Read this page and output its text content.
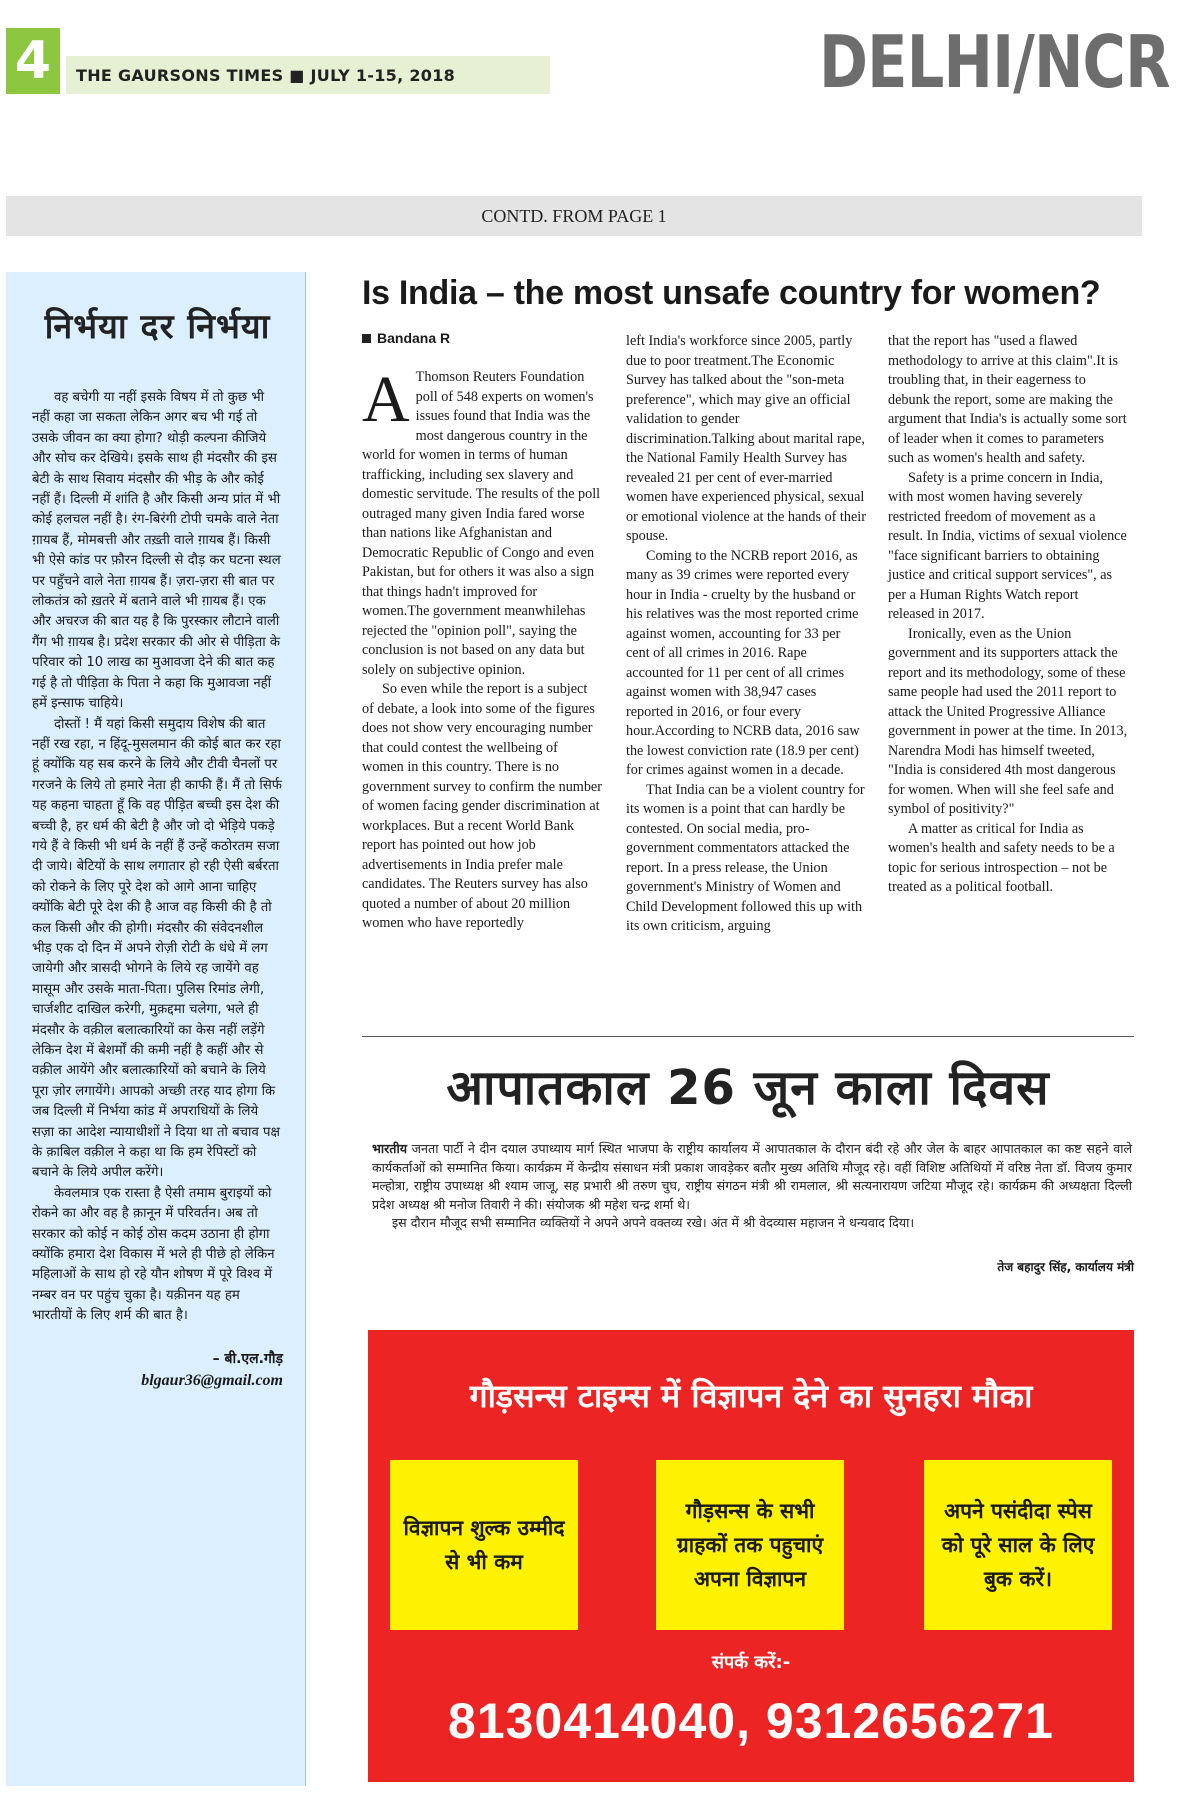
4	THE GAURSONS TIMES ■ JULY 1-15, 2018	DELHI/NCR
CONTD. FROM PAGE 1
निर्भया दर निर्भया

वह बचेगी या नहीं इसके विषय में तो कुछ भी नहीं कहा जा सकता लेकिन अगर बच भी गई तो उसके जीवन का क्या होगा? थोड़ी कल्पना कीजिये और सोच कर देखिये। इसके साथ ही मंदसौर की इस बेटी के साथ सिवाय मंदसौर की भीड़ के और कोई नहीं हैं। दिल्ली में शांति है और किसी अन्य प्रांत में भी कोई हलचल नहीं है। रंग-बिरंगी टोपी चमके वाले नेता ग़ायब हैं, मोमबत्ती और तख़्ती वाले ग़ायब हैं। किसी भी ऐसे कांड पर फ़ौरन दिल्ली से दौड़ कर घटना स्थल पर पहुँचने वाले नेता ग़ायब हैं। ज़रा-ज़रा सी बात पर लोकतंत्र को ख़तरे में बताने वाले भी ग़ायब हैं। एक और अचरज की बात यह है कि पुरस्कार लौटाने वाली गैंग भी ग़ायब है। प्रदेश सरकार की ओर से पीड़िता के परिवार को 10 लाख का मुआवजा देने की बात कह गई है तो पीड़िता के पिता ने कहा कि मुआवजा नहीं हमें इन्साफ चाहिये।

दोस्तों ! मैं यहां किसी समुदाय विशेष की बात नहीं रख रहा, न हिंदू-मुसलमान की कोई बात कर रहा हूं क्योंकि यह सब करने के लिये और टीवी चैनलों पर गरजने के लिये तो हमारे नेता ही काफी हैं। मैं तो सिर्फ यह कहना चाहता हूँ कि वह पीड़ित बच्ची इस देश की बच्ची है, हर धर्म की बेटी है और जो दो भेड़िये पकड़े गये हैं वे किसी भी धर्म के नहीं हैं उन्हें कठोरतम सजा दी जाये। बेटियों के साथ लगातार हो रही ऐसी बर्बरता को रोकने के लिए पूरे देश को आगे आना चाहिए क्योंकि बेटी पूरे देश की है आज वह किसी की है तो कल किसी और की होगी। मंदसौर की संवेदनशील भीड़ एक दो दिन में अपने रोज़ी रोटी के धंधे में लग जायेगी और त्रासदी भोगने के लिये रह जायेंगे वह मासूम और उसके माता-पिता। पुलिस रिमांड लेगी, चार्जशीट दाखिल करेगी, मुक़द्दमा चलेगा, भले ही मंदसौर के वक़ील बलात्कारियों का केस नहीं लड़ेंगे लेकिन देश में बेशर्मों की कमी नहीं है कहीं और से वक़ील आयेंगे और बलात्कारियों को बचाने के लिये पूरा ज़ोर लगायेंगे। आपको अच्छी तरह याद होगा कि जब दिल्ली में निर्भया कांड में अपराधियों के लिये सज़ा का आदेश न्यायाधीशों ने दिया था तो बचाव पक्ष के क़ाबिल वक़ील ने कहा था कि हम रेपिस्टों को बचाने के लिये अपील करेंगे।

केवलमात्र एक रास्ता है ऐसी तमाम बुराइयों को रोकने का और वह है क़ानून में परिवर्तन। अब तो सरकार को कोई न कोई ठोस कदम उठाना ही होगा क्योंकि हमारा देश विकास में भले ही पीछे हो लेकिन महिलाओं के साथ हो रहे यौन शोषण में पूरे विश्व में नम्बर वन पर पहुंच चुका है। यक़ीनन यह हम भारतीयों के लिए शर्म की बात है।

– बी.एल.गौड़
blgaur36@gmail.com
Is India – the most unsafe country for women?
Bandana R

A Thomson Reuters Foundation poll of 548 experts on women's issues found that India was the most dangerous country in the world for women in terms of human trafficking, including sex slavery and domestic servitude. The results of the poll outraged many given India fared worse than nations like Afghanistan and Democratic Republic of Congo and even Pakistan, but for others it was also a sign that things hadn't improved for women.The government meanwhilehas rejected the "opinion poll", saying the conclusion is not based on any data but solely on subjective opinion.

So even while the report is a subject of debate, a look into some of the figures does not show very encouraging number that could contest the wellbeing of women in this country. There is no government survey to confirm the number of women facing gender discrimination at workplaces. But a recent World Bank report has pointed out how job advertisements in India prefer male candidates. The Reuters survey has also quoted a number of about 20 million women who have reportedly

left India's workforce since 2005, partly due to poor treatment.The Economic Survey has talked about the "son-meta preference", which may give an official validation to gender discrimination.Talking about marital rape, the National Family Health Survey has revealed 21 per cent of ever-married women have experienced physical, sexual or emotional violence at the hands of their spouse.

Coming to the NCRB report 2016, as many as 39 crimes were reported every hour in India - cruelty by the husband or his relatives was the most reported crime against women, accounting for 33 per cent of all crimes in 2016. Rape accounted for 11 per cent of all crimes against women with 38,947 cases reported in 2016, or four every hour.According to NCRB data, 2016 saw the lowest conviction rate (18.9 per cent) for crimes against women in a decade.

That India can be a violent country for its women is a point that can hardly be contested. On social media, pro-government commentators attacked the report. In a press release, the Union government's Ministry of Women and Child Development followed this up with its own criticism, arguing

that the report has "used a flawed methodology to arrive at this claim".It is troubling that, in their eagerness to debunk the report, some are making the argument that India's is actually some sort of leader when it comes to parameters such as women's health and safety.

Safety is a prime concern in India, with most women having severely restricted freedom of movement as a result. In India, victims of sexual violence "face significant barriers to obtaining justice and critical support services", as per a Human Rights Watch report released in 2017.

Ironically, even as the Union government and its supporters attack the report and its methodology, some of these same people had used the 2011 report to attack the United Progressive Alliance government in power at the time. In 2013, Narendra Modi has himself tweeted, "India is considered 4th most dangerous for women. When will she feel safe and symbol of positivity?"

A matter as critical for India as women's health and safety needs to be a topic for serious introspection – not be treated as a political football.

आपातकाल 26 जून काला दिवस

भारतीय जनता पार्टी ने दीन दयाल उपाध्याय मार्ग स्थित भाजपा के राष्ट्रीय कार्यालय में आपातकाल के दौरान बंदी रहे और जेल के बाहर आपातकाल का कष्ट सहने वाले कार्यकर्ताओं को सम्मानित किया। कार्यक्रम में केन्द्रीय संसाधन मंत्री प्रकाश जावड़ेकर बतौर मुख्य अतिथि मौजूद रहे। वहीं विशिष्ट अतिथियों में वरिष्ठ नेता डॉ. विजय कुमार मल्होत्रा, राष्ट्रीय उपाध्यक्ष श्री श्याम जाजू, सह प्रभारी श्री तरुण चुघ, राष्ट्रीय संगठन मंत्री श्री रामलाल, श्री सत्यनारायण जटिया मौजूद रहे। कार्यक्रम की अध्यक्षता दिल्ली प्रदेश अध्यक्ष श्री मनोज तिवारी ने की। संयोजक श्री महेश चन्द्र शर्मा थे।

इस दौरान मौजूद सभी सम्मानित व्यक्तियों ने अपने अपने वक्तव्य रखे। अंत में श्री वेदव्यास महाजन ने धन्यवाद दिया।

तेज बहादुर सिंह, कार्यालय मंत्री
गौड़सन्स टाइम्स में विज्ञापन देने का सुनहरा मौका
विज्ञापन शुल्क उम्मीद से भी कम
गौड़सन्स के सभी ग्राहकों तक पहुचाएं अपना विज्ञापन
अपने पसंदीदा स्पेस को पूरे साल के लिए बुक करें।
संपर्क करें:-
8130414040, 9312656271
